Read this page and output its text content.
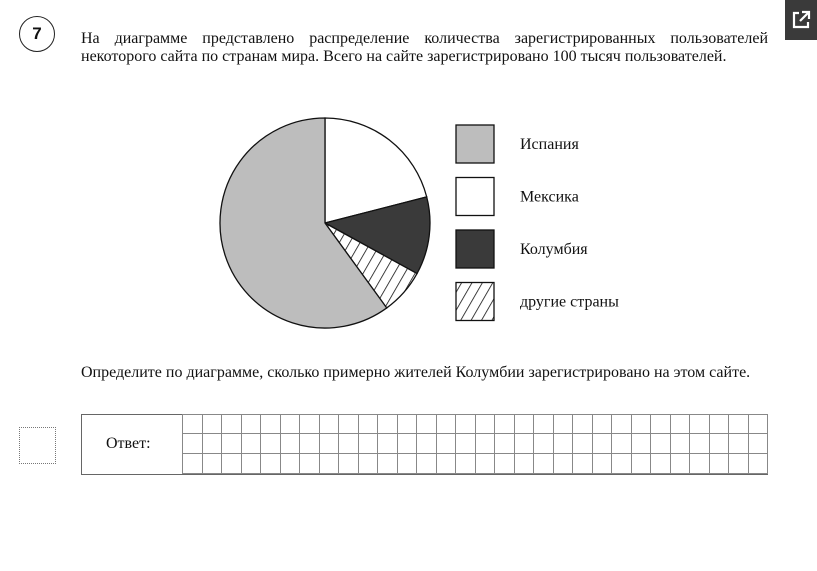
7	На диаграмме представлено распределение количества зарегистрированных пользователей некоторого сайта по странам мира. Всего на сайте зарегистрировано 100 тысяч пользователей.
Испания
Мексика
Колумбия
другие страны
Определите по диаграмме, сколько примерно жителей Колумбии зарегистрировано на этом сайте.
Ответ:
